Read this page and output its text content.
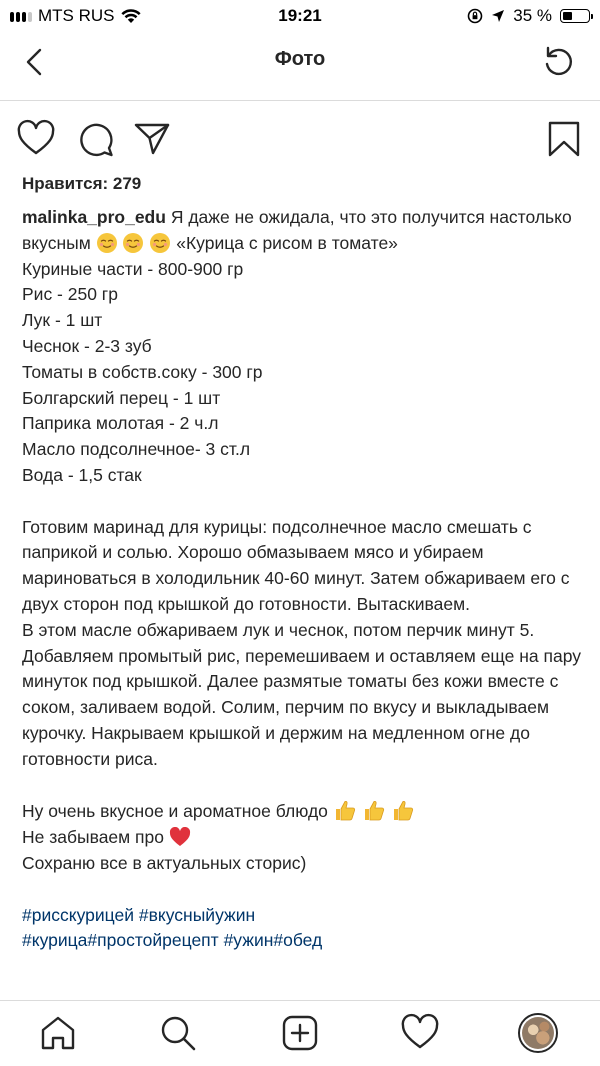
MTS RUS	19:21	35 %
Фото
Нравится: 279
malinka_pro_edu Я даже не ожидала, что это получится настолько вкусным	«Курица с рисом в томате»
Куриные части - 800-900 гр
Рис - 250 гр
Лук - 1 шт
Чеснок - 2-3 зуб
Томаты в собств.соку - 300 гр
Болгарский перец - 1 шт
Паприка молотая - 2 ч.л
Масло подсолнечное- 3 ст.л
Вода - 1,5 стак
Готовим маринад для курицы: подсолнечное масло смешать с паприкой и солью. Хорошо обмазываем мясо и убираем мариноваться в холодильник 40-60 минут. Затем обжариваем его с двух сторон под крышкой до готовности. Вытаскиваем.
В этом масле обжариваем лук и чеснок, потом перчик минут 5. Добавляем промытый рис, перемешиваем и оставляем еще на пару минуток под крышкой. Далее размятые томаты без кожи вместе с соком, заливаем водой. Солим, перчим по вкусу и выкладываем курочку. Накрываем крышкой и держим на медленном огне до готовности риса.
Ну очень вкусное и ароматное блюдо
Не забываем про
Сохраню все в актуальных сторис)
#рисскурицей #вкусныйужин
#курица#простойрецепт #ужин#обед
